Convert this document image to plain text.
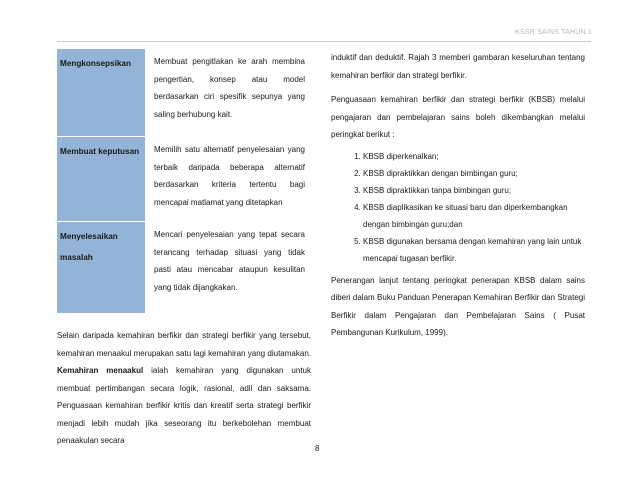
KSSR SAINS TAHUN 1
Mengkonsepsikan	Membuat pengitlakan ke arah membina pengertian, konsep atau model berdasarkan ciri spesifik sepunya yang saling berhubung kait.
Membuat keputusan	Memilih satu alternatif penyelesaian yang terbaik daripada beberapa alternatif berdasarkan kriteria tertentu bagi mencapai matlamat yang ditetapkan
Menyelesaikan masalah
Mencari penyelesaian yang tepat secara terancang terhadap situasi yang tidak pasti atau mencabar ataupun kesulitan yang tidak dijangkakan.
Selain daripada kemahiran berfikir dan strategi berfikir yang tersebut, kemahiran menaakul merupakan satu lagi kemahiran yang diutamakan. Kemahiran menaakul ialah kemahiran yang digunakan untuk membuat pertimbangan secara logik, rasional, adil dan saksama. Penguasaan kemahiran berfikir kritis dan kreatif serta strategi berfikir menjadi lebih mudah jika seseorang itu berkebolehan membuat penaakulan secara

induktif dan deduktif. Rajah 3 memberi gambaran keseluruhan tentang kemahiran berfikir dan strategi berfikir.

Penguasaan kemahiran berfikir dan strategi berfikir (KBSB) melalui pengajaran dan pembelajaran sains boleh dikembangkan melalui peringkat berikut :

1. KBSB diperkenalkan;
2. KBSB dipraktikkan dengan bimbingan guru;
3. KBSB dipraktikkan tanpa bimbingan guru;
4. KBSB diaplikasikan ke situasi baru dan diperkembangkan dengan bimbingan guru;dan
5. KBSB digunakan bersama dengan kemahiran yang lain untuk mencapai tugasan berfikir.

Penerangan lanjut tentang peringkat penerapan KBSB dalam sains diberi dalam Buku Panduan Penerapan Kemahiran Berfikir dan Strategi Berfikir dalam Pengajaran dan Pembelajaran Sains ( Pusat Pembangunan Kurikulum, 1999).

8
